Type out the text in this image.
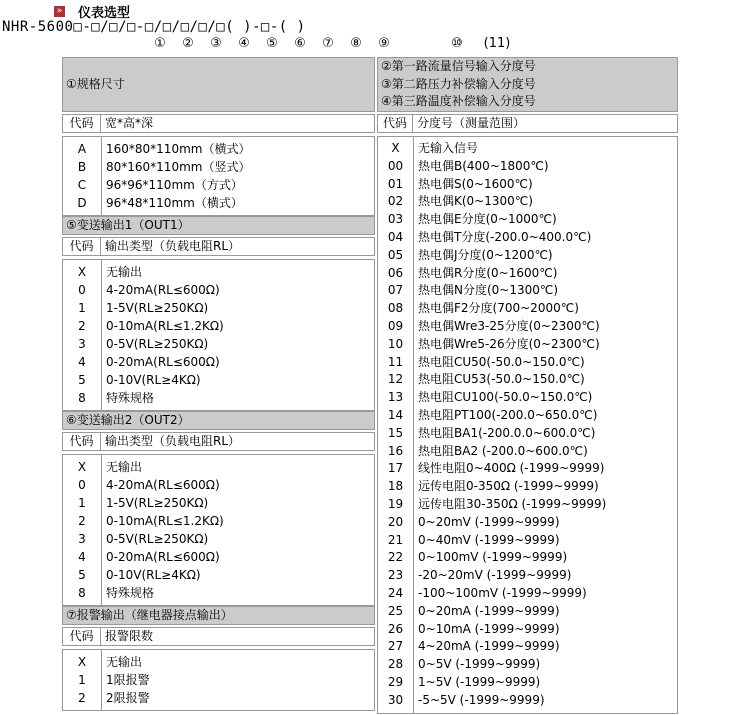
» 仪表选型
NHR-5600□-□/□/□-□/□/□/□/□( )-□-( )
① ② ③ ④ ⑤ ⑥ ⑦ ⑧ ⑨	⑩ (11)
①规格尺寸
代码 宽*高*深
A	160*80*110mm（横式）
B	80*160*110mm（竖式）
C	96*96*110mm（方式）
D	96*48*110mm（横式）
⑤变送输出1（OUT1）
代码 输出类型（负载电阻RL）
X	无输出
0	4-20mA(RL≤600Ω)
1	1-5V(RL≥250KΩ)
2	0-10mA(RL≤1.2KΩ)
3	0-5V(RL≥250KΩ)
4	0-20mA(RL≤600Ω)
5	0-10V(RL≥4KΩ)
8	特殊规格
⑥变送输出2（OUT2）
代码 输出类型（负载电阻RL）
X	无输出
0	4-20mA(RL≤600Ω)
1	1-5V(RL≥250KΩ)
2	0-10mA(RL≤1.2KΩ)
3	0-5V(RL≥250KΩ)
4	0-20mA(RL≤600Ω)
5	0-10V(RL≥4KΩ)
8	特殊规格
⑦报警输出（继电器接点输出）
代码 报警限数
X	无输出
1	1限报警
2	2限报警
②第一路流量信号输入分度号
③第二路压力补偿输入分度号
④第三路温度补偿输入分度号
代码 分度号（测量范围）
X	无输入信号
00	热电偶B(400~1800℃)
01	热电偶S(0~1600℃)
02	热电偶K(0~1300℃)
03	热电偶E分度(0~1000℃)
04	热电偶T分度(-200.0~400.0℃)
05	热电偶J分度(0~1200℃)
06	热电偶R分度(0~1600℃)
07	热电偶N分度(0~1300℃)
08	热电偶F2分度(700~2000℃)
09	热电偶Wre3-25分度(0~2300℃)
10	热电偶Wre5-26分度(0~2300℃)
11	热电阻CU50(-50.0~150.0℃)
12	热电阻CU53(-50.0~150.0℃)
13	热电阻CU100(-50.0~150.0℃)
14	热电阻PT100(-200.0~650.0℃)
15	热电阻BA1(-200.0.0~600.0℃)
16	热电阻BA2 (-200.0~600.0℃)
17	线性电阻0~400Ω (-1999~9999)
18	远传电阻0-350Ω (-1999~9999)
19	远传电阻30-350Ω (-1999~9999)
20	0~20mV (-1999~9999)
21	0~40mV (-1999~9999)
22	0~100mV (-1999~9999)
23	-20~20mV (-1999~9999)
24	-100~100mV (-1999~9999)
25	0~20mA (-1999~9999)
26	0~10mA (-1999~9999)
27	4~20mA (-1999~9999)
28	0~5V (-1999~9999)
29	1~5V (-1999~9999)
30	-5~5V (-1999~9999)
